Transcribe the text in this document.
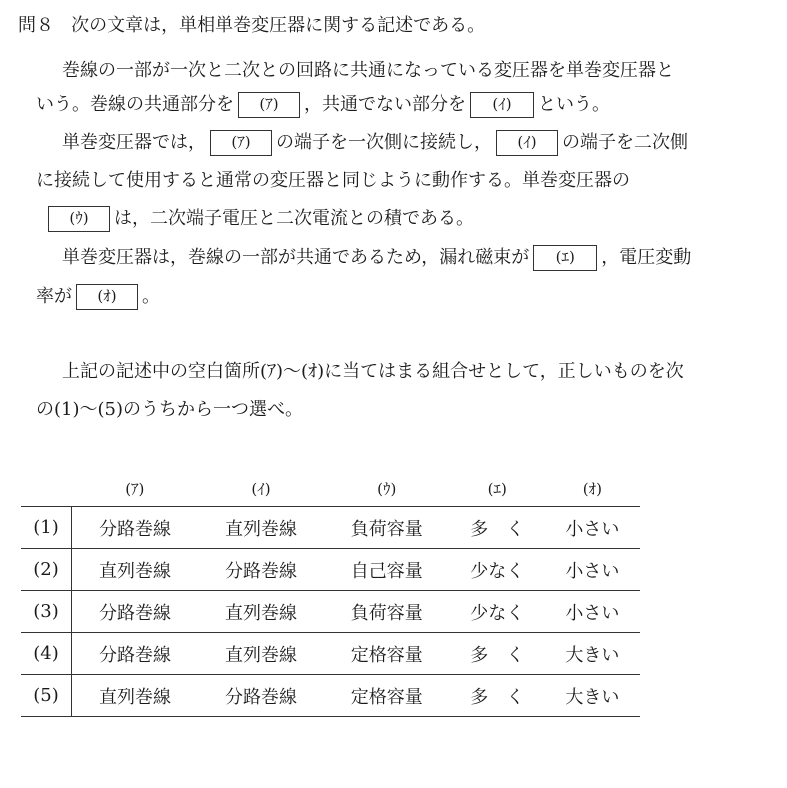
問８ 次の文章は，単相単巻変圧器に関する記述である。
巻線の一部が一次と二次との回路に共通になっている変圧器を単巻変圧器と
いう。巻線の共通部分を (ｱ) ，共通でない部分を (ｲ) という。
単巻変圧器では， (ｱ) の端子を一次側に接続し， (ｲ) の端子を二次側
に接続して使用すると通常の変圧器と同じように動作する。単巻変圧器の
(ｳ) は，二次端子電圧と二次電流との積である。
単巻変圧器は，巻線の一部が共通であるため，漏れ磁束が (ｴ) ，電圧変動
率が (ｵ) 。
上記の記述中の空白箇所(ｱ)～(ｵ)に当てはまる組合せとして，正しいものを次
の(1)～(5)のうちから一つ選べ。
	(ｱ)	(ｲ)	(ｳ)	(ｴ)	(ｵ)
(1)	分路巻線	直列巻線	負荷容量	多　く	小さい
(2)	直列巻線	分路巻線	自己容量	少なく	小さい
(3)	分路巻線	直列巻線	負荷容量	少なく	小さい
(4)	分路巻線	直列巻線	定格容量	多　く	大きい
(5)	直列巻線	分路巻線	定格容量	多　く	大きい
